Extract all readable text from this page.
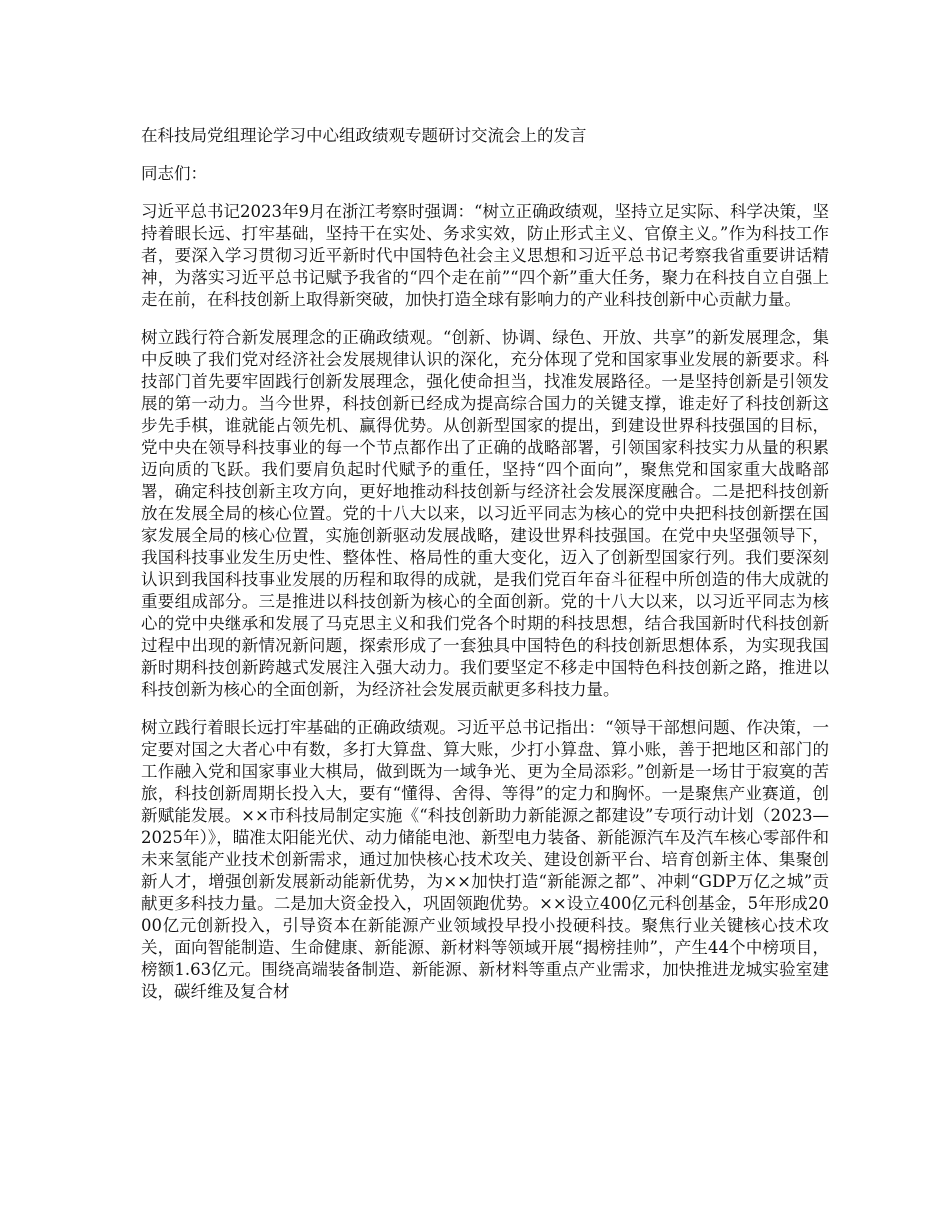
在科技局党组理论学习中心组政绩观专题研讨交流会上的发言
同志们：
习近平总书记2023年9月在浙江考察时强调：“树立正确政绩观，坚持立足实际、科学决策，坚持着眼长远、打牢基础，坚持干在实处、务求实效，防止形式主义、官僚主义。”作为科技工作者，要深入学习贯彻习近平新时代中国特色社会主义思想和习近平总书记考察我省重要讲话精神，为落实习近平总书记赋予我省的“四个走在前”“四个新”重大任务，聚力在科技自立自强上走在前，在科技创新上取得新突破，加快打造全球有影响力的产业科技创新中心贡献力量。
树立践行符合新发展理念的正确政绩观。“创新、协调、绿色、开放、共享”的新发展理念，集中反映了我们党对经济社会发展规律认识的深化，充分体现了党和国家事业发展的新要求。科技部门首先要牢固践行创新发展理念，强化使命担当，找准发展路径。一是坚持创新是引领发展的第一动力。当今世界，科技创新已经成为提高综合国力的关键支撑，谁走好了科技创新这步先手棋，谁就能占领先机、赢得优势。从创新型国家的提出，到建设世界科技强国的目标，党中央在领导科技事业的每一个节点都作出了正确的战略部署，引领国家科技实力从量的积累迈向质的飞跃。我们要肩负起时代赋予的重任，坚持“四个面向”，聚焦党和国家重大战略部署，确定科技创新主攻方向，更好地推动科技创新与经济社会发展深度融合。二是把科技创新放在发展全局的核心位置。党的十八大以来，以习近平同志为核心的党中央把科技创新摆在国家发展全局的核心位置，实施创新驱动发展战略，建设世界科技强国。在党中央坚强领导下，我国科技事业发生历史性、整体性、格局性的重大变化，迈入了创新型国家行列。我们要深刻认识到我国科技事业发展的历程和取得的成就，是我们党百年奋斗征程中所创造的伟大成就的重要组成部分。三是推进以科技创新为核心的全面创新。党的十八大以来，以习近平同志为核心的党中央继承和发展了马克思主义和我们党各个时期的科技思想，结合我国新时代科技创新过程中出现的新情况新问题，探索形成了一套独具中国特色的科技创新思想体系，为实现我国新时期科技创新跨越式发展注入强大动力。我们要坚定不移走中国特色科技创新之路，推进以科技创新为核心的全面创新，为经济社会发展贡献更多科技力量。
树立践行着眼长远打牢基础的正确政绩观。习近平总书记指出：“领导干部想问题、作决策，一定要对国之大者心中有数，多打大算盘、算大账，少打小算盘、算小账，善于把地区和部门的工作融入党和国家事业大棋局，做到既为一域争光、更为全局添彩。”创新是一场甘于寂寞的苦旅，科技创新周期长投入大，要有“懂得、舍得、等得”的定力和胸怀。一是聚焦产业赛道，创新赋能发展。××市科技局制定实施《“科技创新助力新能源之都建设”专项行动计划（2023—2025年）》，瞄准太阳能光伏、动力储能电池、新型电力装备、新能源汽车及汽车核心零部件和未来氢能产业技术创新需求，通过加快核心技术攻关、建设创新平台、培育创新主体、集聚创新人才，增强创新发展新动能新优势，为××加快打造“新能源之都”、冲刺“GDP万亿之城”贡献更多科技力量。二是加大资金投入，巩固领跑优势。××设立400亿元科创基金，5年形成2000亿元创新投入，引导资本在新能源产业领域投早投小投硬科技。聚焦行业关键核心技术攻关，面向智能制造、生命健康、新能源、新材料等领域开展“揭榜挂帅”，产生44个中榜项目，榜额1.63亿元。围绕高端装备制造、新能源、新材料等重点产业需求，加快推进龙城实验室建设，碳纤维及复合材
